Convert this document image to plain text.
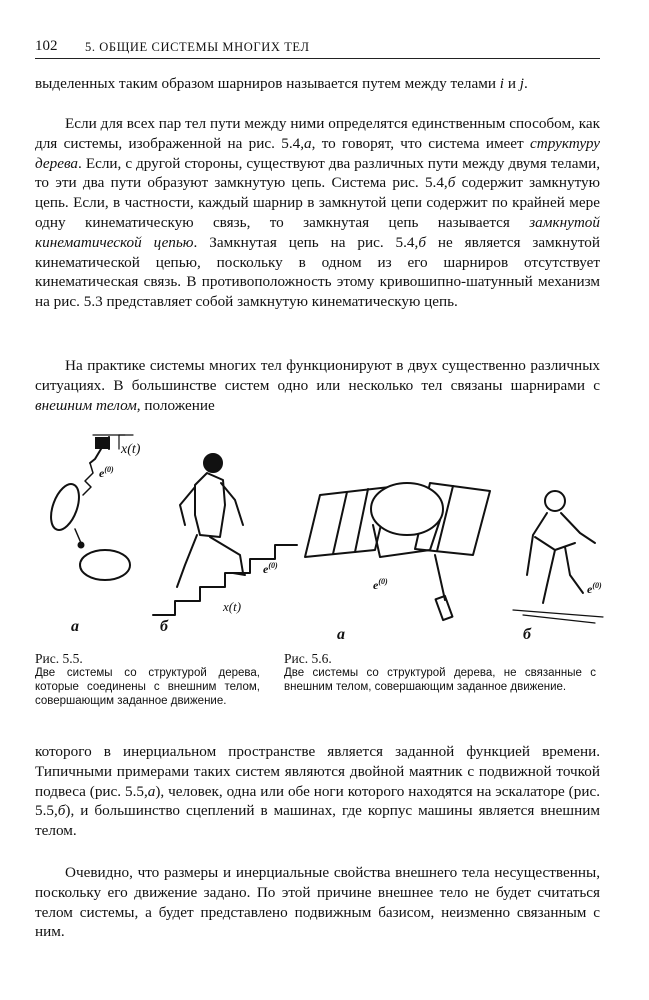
102 5. ОБЩИЕ СИСТЕМЫ МНОГИХ ТЕЛ

выделенных таким образом шарниров называется путем между телами i и j.

Если для всех пар тел пути между ними определятся единственным способом, как для системы, изображенной на рис. 5.4,а, то говорят, что система имеет структуру дерева. Если, с другой стороны, существуют два различных пути между двумя телами, то эти два пути образуют замкнутую цепь. Система рис. 5.4,б содержит замкнутую цепь. Если, в частности, каждый шарнир в замкнутой цепи содержит по крайней мере одну кинематическую связь, то замкнутая цепь называется замкнутой кинематической цепью. Замкнутая цепь на рис. 5.4,б не является замкнутой кинематической цепью, поскольку в одном из его шарниров отсутствует кинематическая связь. В противоположность этому кривошипно-шатунный механизм на рис. 5.3 представляет собой замкнутую кинематическую цепь.

На практике системы многих тел функционируют в двух существенно различных ситуациях. В большинстве систем одно или несколько тел связаны шарнирами с внешним телом, положение

x(t)
$e^{(0)}$
$e^{(0)}$
x(t)
$e^{(0)}$
$e^{(0)}$
а	б	а	б
Рис. 5.5.
Две системы со структурой дерева, которые соединены с внешним телом, совершающим заданное движение.
Рис. 5.6.
Две системы со структурой дерева, не связанные с внешним телом, совершающим заданное движение.

которого в инерциальном пространстве является заданной функцией времени. Типичными примерами таких систем являются двойной маятник с подвижной точкой подвеса (рис. 5.5,а), человек, одна или обе ноги которого находятся на эскалаторе (рис. 5.5,б), и большинство сцеплений в машинах, где корпус машины является внешним телом.

Очевидно, что размеры и инерциальные свойства внешнего тела несущественны, поскольку его движение задано. По этой причине внешнее тело не будет считаться телом системы, а будет представлено подвижным базисом, неизменно связанным с ним.
